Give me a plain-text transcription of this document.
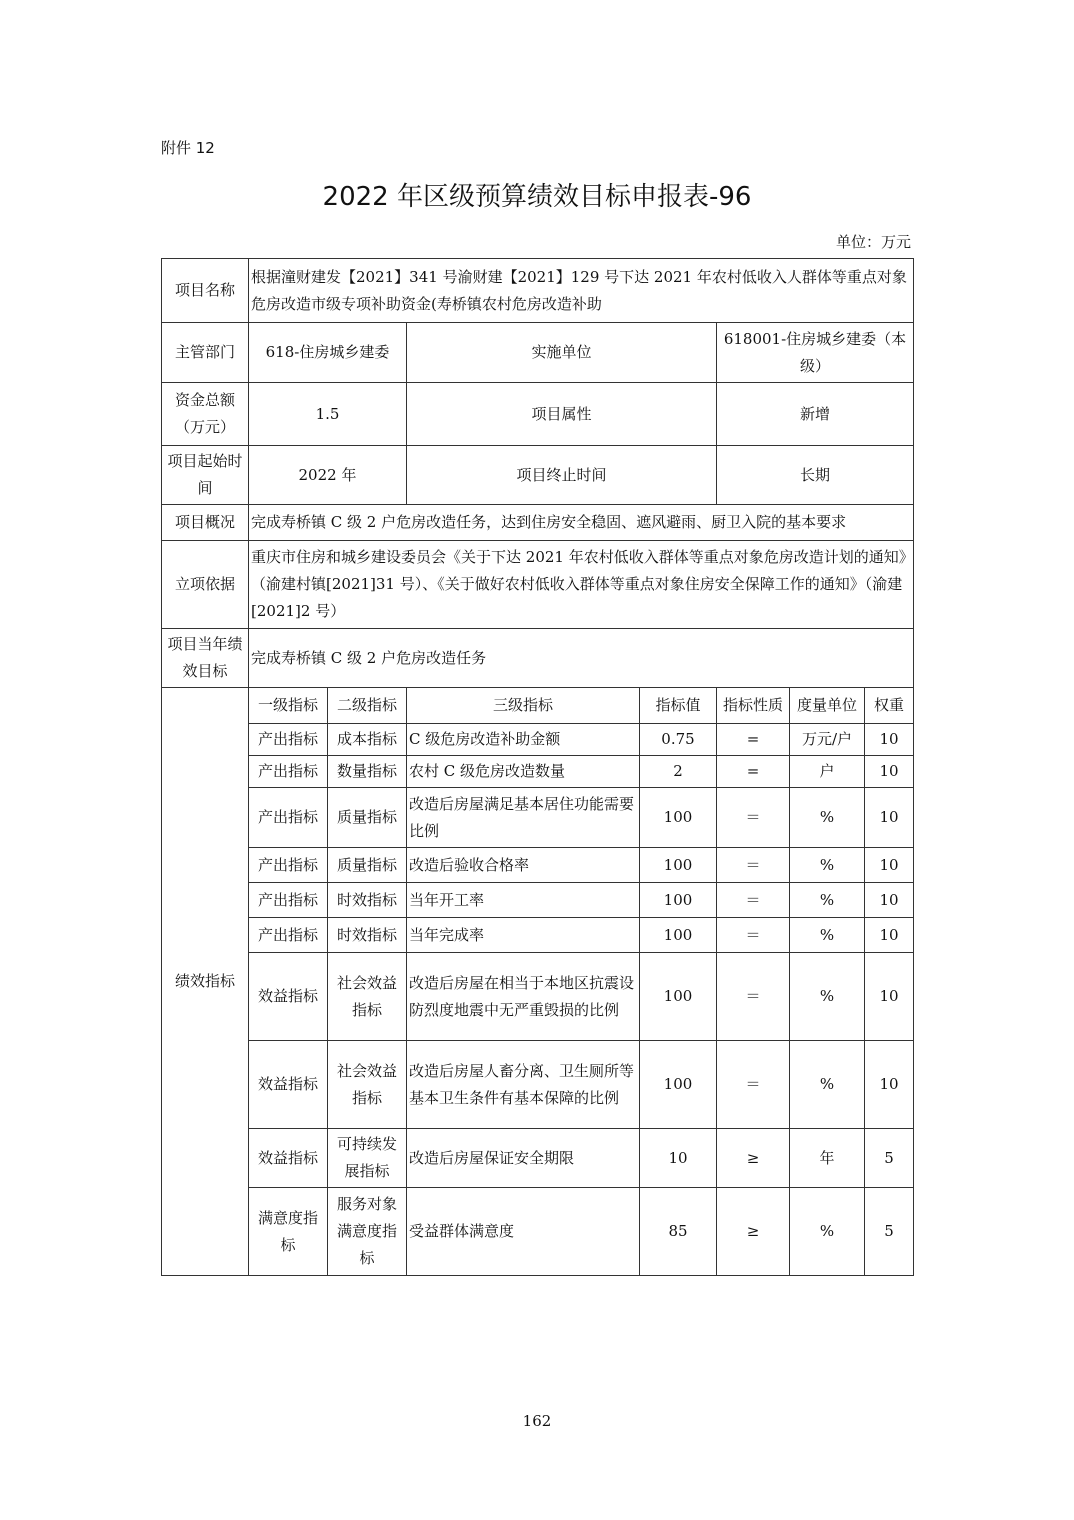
附件 12
2022 年区级预算绩效目标申报表-96
单位：万元
项目名称	根据潼财建发【2021】341 号渝财建【2021】129 号下达 2021 年农村低收入人群体等重点对象危房改造市级专项补助资金(寿桥镇农村危房改造补助						
主管部门	618-住房城乡建委		实施单位		618001-住房城乡建委（本级）		
资金总额（万元）	1.5		项目属性		新增		
项目起始时间	2022 年		项目终止时间		长期		
项目概况	完成寿桥镇 C 级 2 户危房改造任务，达到住房安全稳固、遮风避雨、厨卫入院的基本要求						
立项依据	重庆市住房和城乡建设委员会《关于下达 2021 年农村低收入群体等重点对象危房改造计划的通知》（渝建村镇[2021]31 号）、《关于做好农村低收入群体等重点对象住房安全保障工作的通知》（渝建[2021]2 号）						
项目当年绩效目标	完成寿桥镇 C 级 2 户危房改造任务						
绩效指标	一级指标	二级指标	三级指标	指标值	指标性质	度量单位	权重
	产出指标	成本指标	C 级危房改造补助金额	0.75	=	万元/户	10
	产出指标	数量指标	农村 C 级危房改造数量	2	=	户	10
	产出指标	质量指标	改造后房屋满足基本居住功能需要比例	100	＝	%	10
	产出指标	质量指标	改造后验收合格率	100	＝	%	10
	产出指标	时效指标	当年开工率	100	＝	%	10
	产出指标	时效指标	当年完成率	100	＝	%	10
	效益指标	社会效益指标	改造后房屋在相当于本地区抗震设防烈度地震中无严重毁损的比例	100	＝	%	10
	效益指标	社会效益指标	改造后房屋人畜分离、卫生厕所等基本卫生条件有基本保障的比例	100	＝	%	10
	效益指标	可持续发展指标	改造后房屋保证安全期限	10	≥	年	5
	满意度指标	服务对象满意度指标	受益群体满意度	85	≥	%	5
162
